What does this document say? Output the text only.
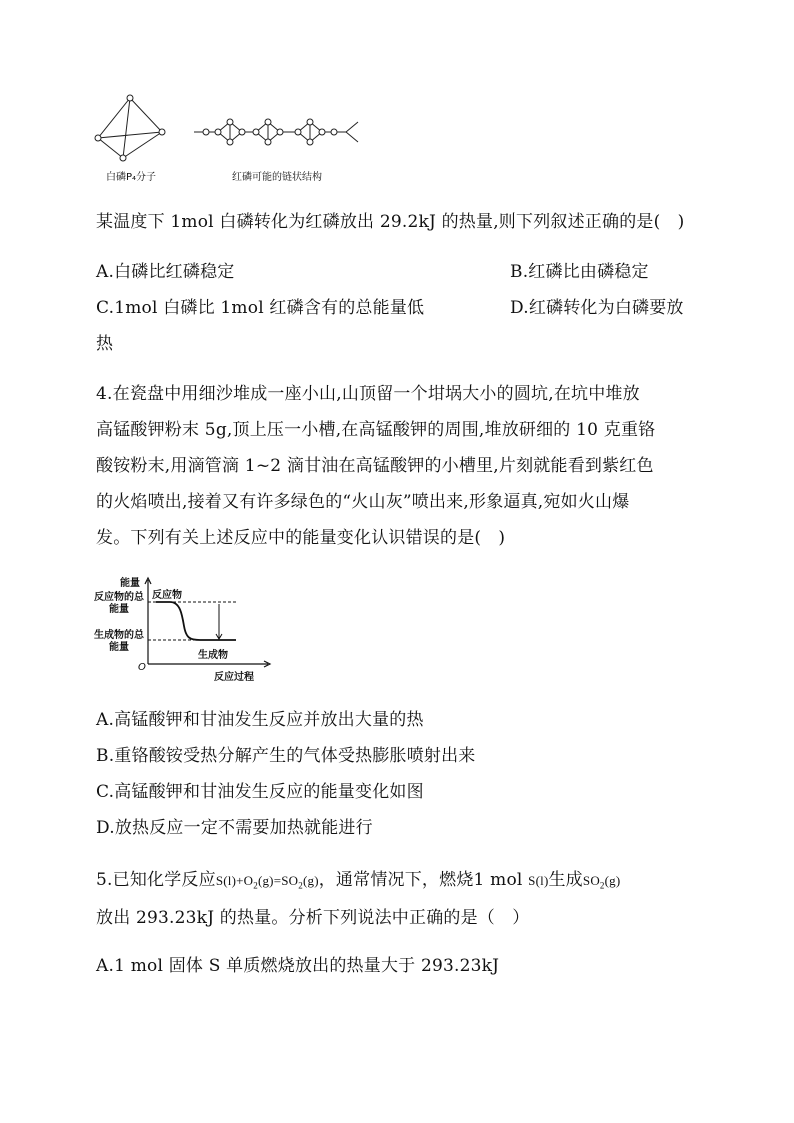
白磷P₄分子	红磷可能的链状结构
某温度下 1mol 白磷转化为红磷放出 29.2kJ 的热量,则下列叙述正确的是(　)
A.白磷比红磷稳定	B.红磷比由磷稳定
C.1mol 白磷比 1mol 红磷含有的总能量低	D.红磷转化为白磷要放
热
4.在瓷盘中用细沙堆成一座小山,山顶留一个坩埚大小的圆坑,在坑中堆放
高锰酸钾粉末 5g,顶上压一小槽,在高锰酸钾的周围,堆放研细的 10 克重铬
酸铵粉末,用滴管滴 1~2 滴甘油在高锰酸钾的小槽里,片刻就能看到紫红色
的火焰喷出,接着又有许多绿色的“火山灰”喷出来,形象逼真,宛如火山爆
发。下列有关上述反应中的能量变化认识错误的是(　)
能量
反应物的总能量
生成物的总能量
反应物
生成物
O
反应过程
A.高锰酸钾和甘油发生反应并放出大量的热
B.重铬酸铵受热分解产生的气体受热膨胀喷射出来
C.高锰酸钾和甘油发生反应的能量变化如图
D.放热反应一定不需要加热就能进行
5.已知化学反应$S(l)+O_2(g)=SO_2(g)$，通常情况下，燃烧1 mol S(l)生成$SO_2(g)$
放出 293.23kJ 的热量。分析下列说法中正确的是（　）
A.1 mol 固体 S 单质燃烧放出的热量大于 293.23kJ
